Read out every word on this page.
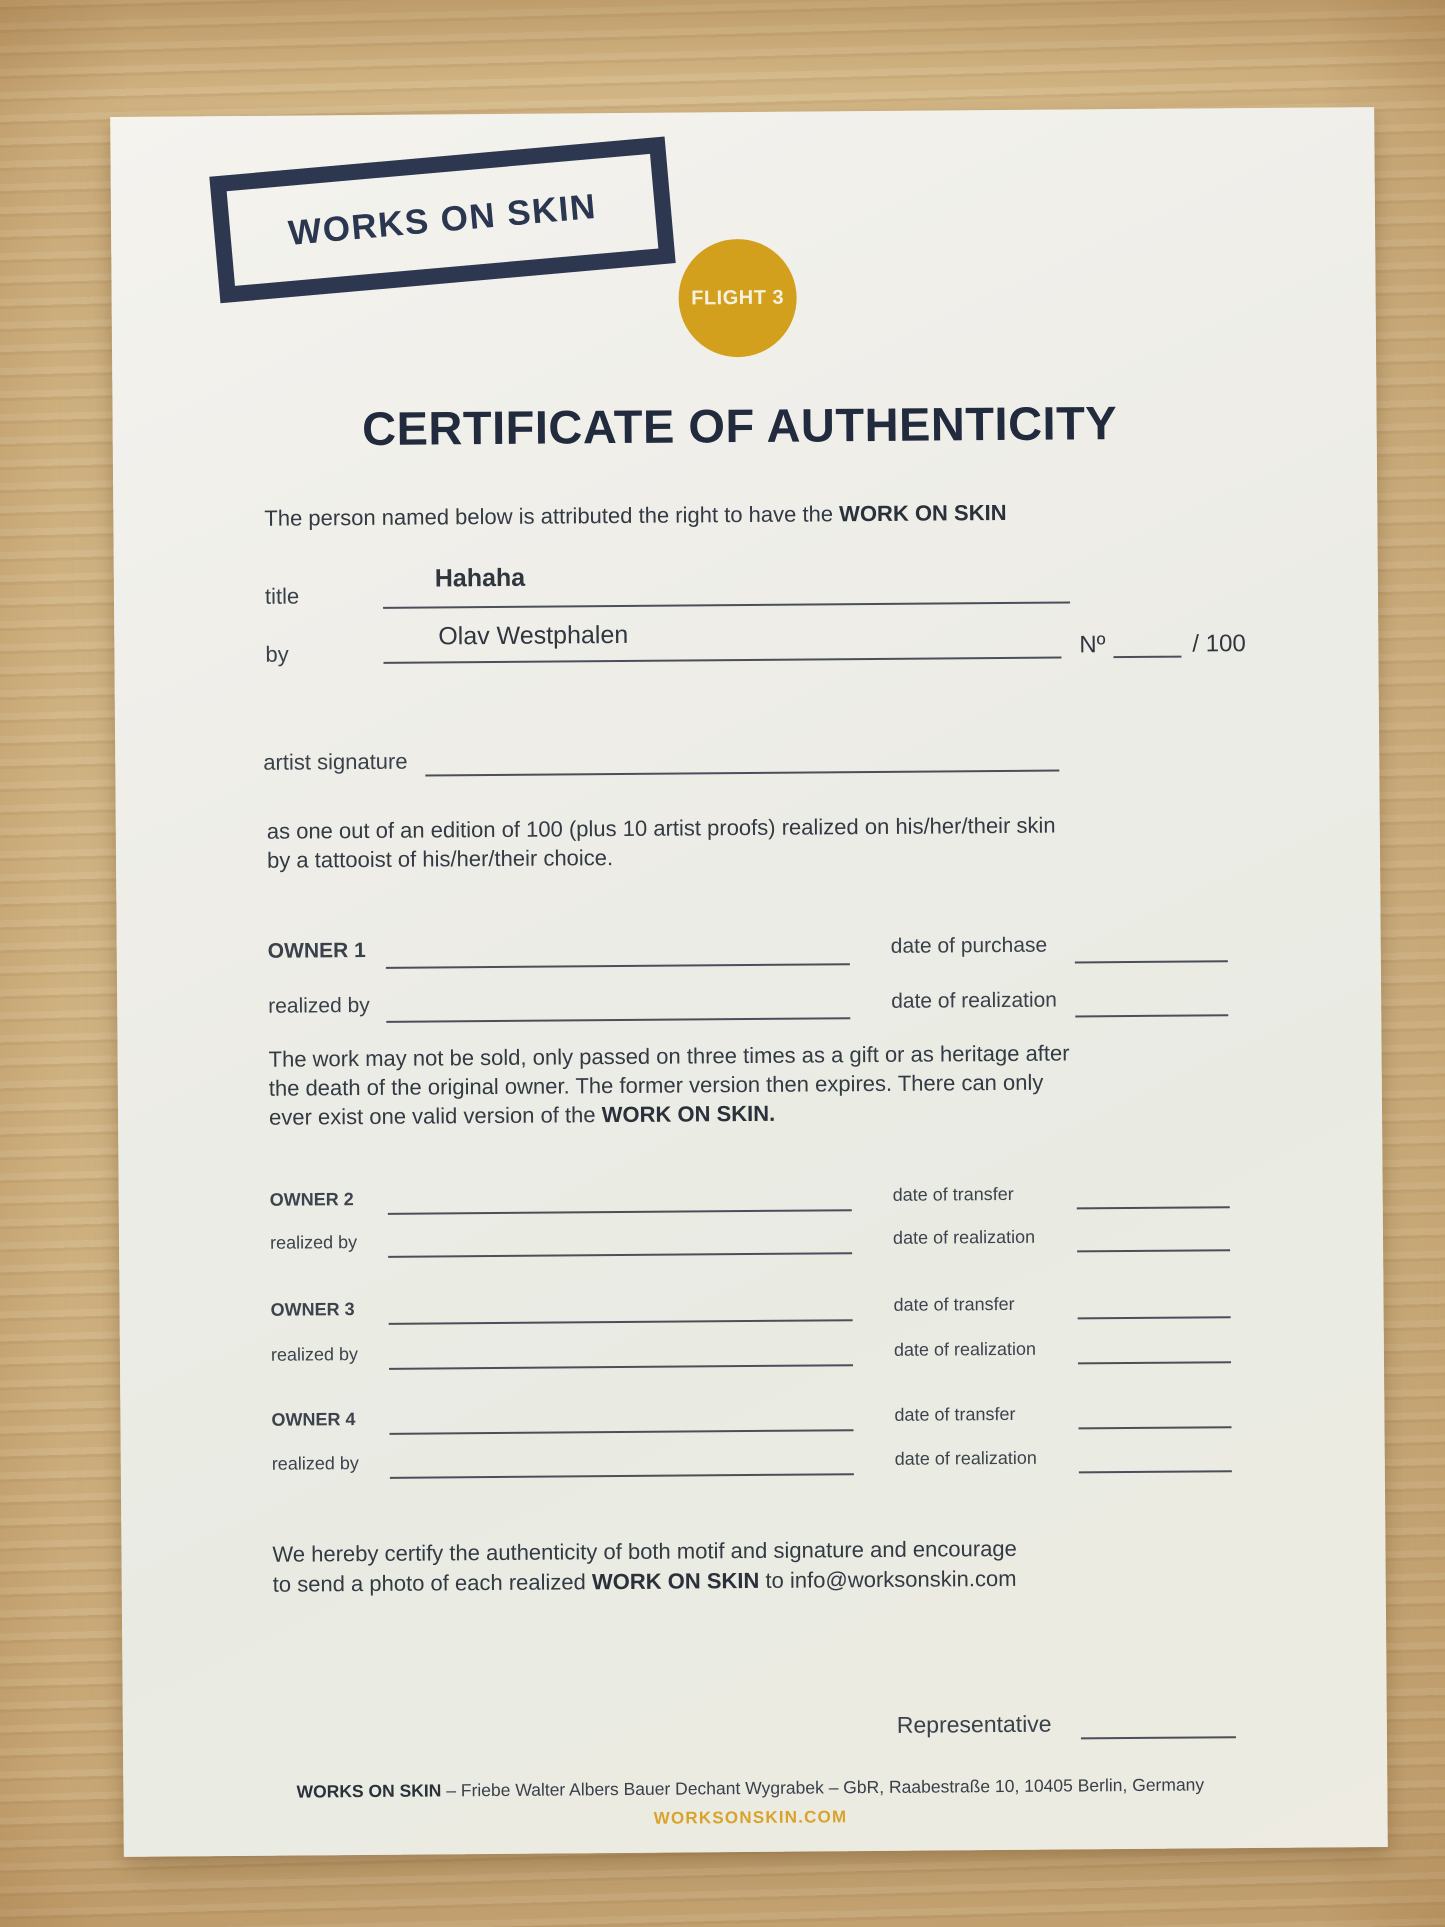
FLIGHT 3
WORKS ON SKIN
CERTIFICATE OF AUTHENTICITY

The person named below is attributed the right to have the WORK ON SKIN

title
Hahaha
by
Olav Westphalen	Nº	/ 100
artist signature

as one out of an edition of 100 (plus 10 artist proofs) realized on his/her/their skin
by a tattooist of his/her/their choice.

OWNER 1	date of purchase
realized by	date of realization

The work may not be sold, only passed on three times as a gift or as heritage after
the death of the original owner. The former version then expires. There can only
ever exist one valid version of the WORK ON SKIN.

OWNER 2	date of transfer
realized by	date of realization
OWNER 3	date of transfer
realized by	date of realization
OWNER 4	date of transfer
realized by	date of realization

We hereby certify the authenticity of both motif and signature and encourage
to send a photo of each realized WORK ON SKIN to info@worksonskin.com

Representative

WORKS ON SKIN – Friebe Walter Albers Bauer Dechant Wygrabek – GbR, Raabestraße 10, 10405 Berlin, Germany

WORKSONSKIN.COM
